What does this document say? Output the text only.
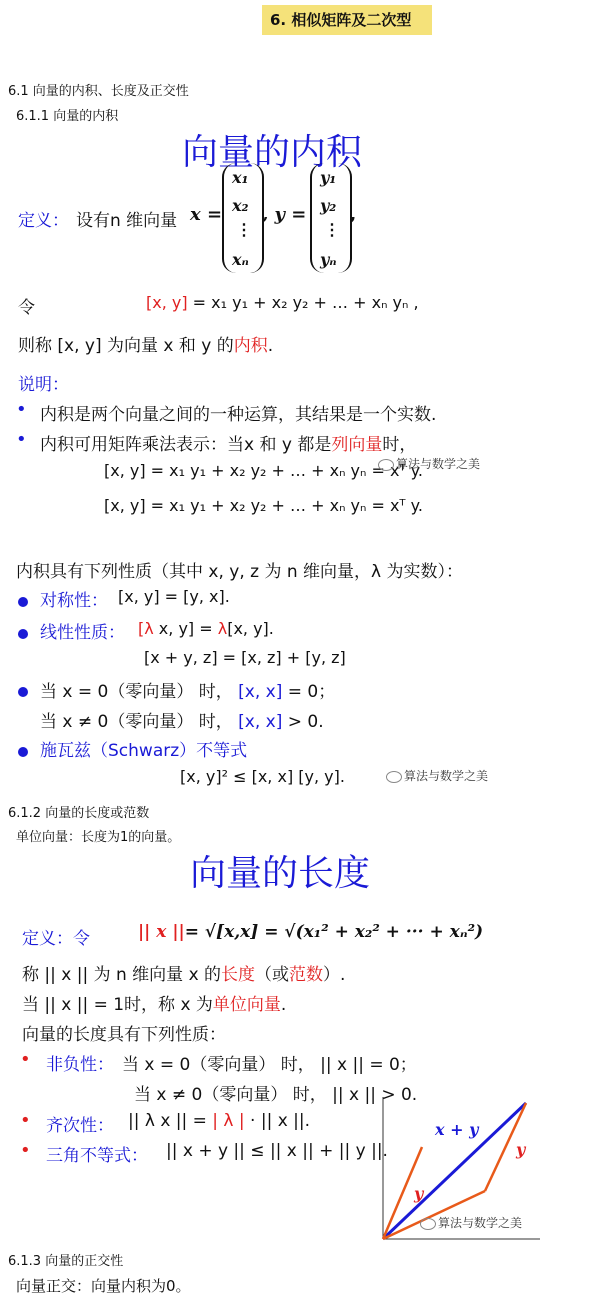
6. 相似矩阵及二次型
6.1 向量的内积、长度及正交性
6.1.1 向量的内积
向量的内积
定义： 设有n 维向量 x =
x₁
x₂
⋮
xₙ
, y =
y₁
y₂
⋮
yₙ
,
令	[x, y] = x₁ y₁ + x₂ y₂ + … + xₙ yₙ ,
则称 [x, y] 为向量 x 和 y 的内积.
说明：
• 内积是两个向量之间的一种运算，其结果是一个实数.
• 内积可用矩阵乘法表示：当x 和 y 都是列向量时，
[x, y] = x₁ y₁ + x₂ y₂ + … + xₙ yₙ = xᵀ y.
算法与数学之美
[x, y] = x₁ y₁ + x₂ y₂ + … + xₙ yₙ = xᵀ y.
内积具有下列性质（其中 x, y, z 为 n 维向量，λ 为实数）：
对称性： [x, y] = [y, x].
线性性质： [λ x, y] = λ[x, y].
[x + y, z] = [x, z] + [y, z]
当 x = 0（零向量） 时， [x, x] = 0；
当 x ≠ 0（零向量） 时， [x, x] > 0.
施瓦兹（Schwarz）不等式
[x, y]² ≤ [x, x] [y, y].	算法与数学之美
6.1.2 向量的长度或范数
单位向量：长度为1的向量。
向量的长度
定义：令	|| x ||= √[x,x] = √(x₁² + x₂² + ··· + xₙ²)
称 || x || 为 n 维向量 x 的长度（或范数）.
当 || x || = 1时，称 x 为单位向量.
向量的长度具有下列性质：
• 非负性： 当 x = 0（零向量） 时， || x || = 0；
当 x ≠ 0（零向量） 时， || x || > 0.
• 齐次性： || λ x || = | λ | · || x ||.
• 三角不等式： || x + y || ≤ || x || + || y ||.
x + y
y
y
算法与数学之美
6.1.3 向量的正交性
向量正交：向量内积为0。
